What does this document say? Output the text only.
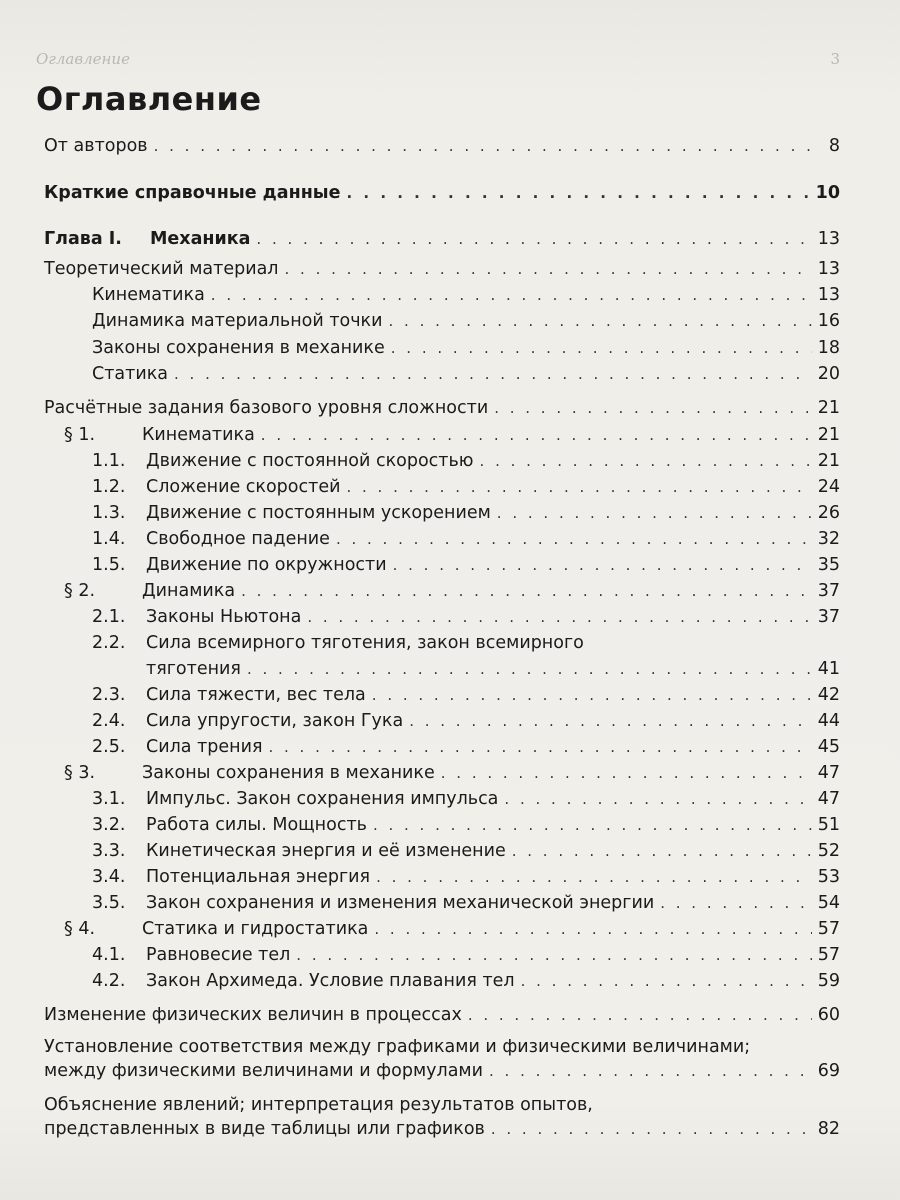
Оглавление	3
Оглавление
От авторов . . .	8
Краткие справочные данные . . .	10
Глава I. Механика . . .	13
Теоретический материал . . .	13
Кинематика . . .	13
Динамика материальной точки . . .	16
Законы сохранения в механике . . .	18
Статика . . .	20
Расчётные задания базового уровня сложности . . .	21
§ 1.	Кинематика . . .	21
1.1. Движение с постоянной скоростью . . .	21
1.2. Сложение скоростей . . .	24
1.3. Движение с постоянным ускорением . . .	26
1.4. Свободное падение . . .	32
1.5. Движение по окружности . . .	35
§ 2.	Динамика . . .	37
2.1. Законы Ньютона . . .	37
2.2. Сила всемирного тяготения, закон всемирного
тяготения . . .	41
2.3. Сила тяжести, вес тела . . .	42
2.4. Сила упругости, закон Гука . . .	44
2.5. Сила трения . . .	45
§ 3.	Законы сохранения в механике . . .	47
3.1. Импульс. Закон сохранения импульса . . .	47
3.2. Работа силы. Мощность . . .	51
3.3. Кинетическая энергия и её изменение . . .	52
3.4. Потенциальная энергия . . .	53
3.5. Закон сохранения и изменения механической энергии . . .	54
§ 4.	Статика и гидростатика . . .	57
4.1. Равновесие тел . . .	57
4.2. Закон Архимеда. Условие плавания тел . . .	59
Изменение физических величин в процессах . . .	60
Установление соответствия между графиками и физическими величинами;
между физическими величинами и формулами . . .	69
Объяснение явлений; интерпретация результатов опытов,
представленных в виде таблицы или графиков . . .	82
